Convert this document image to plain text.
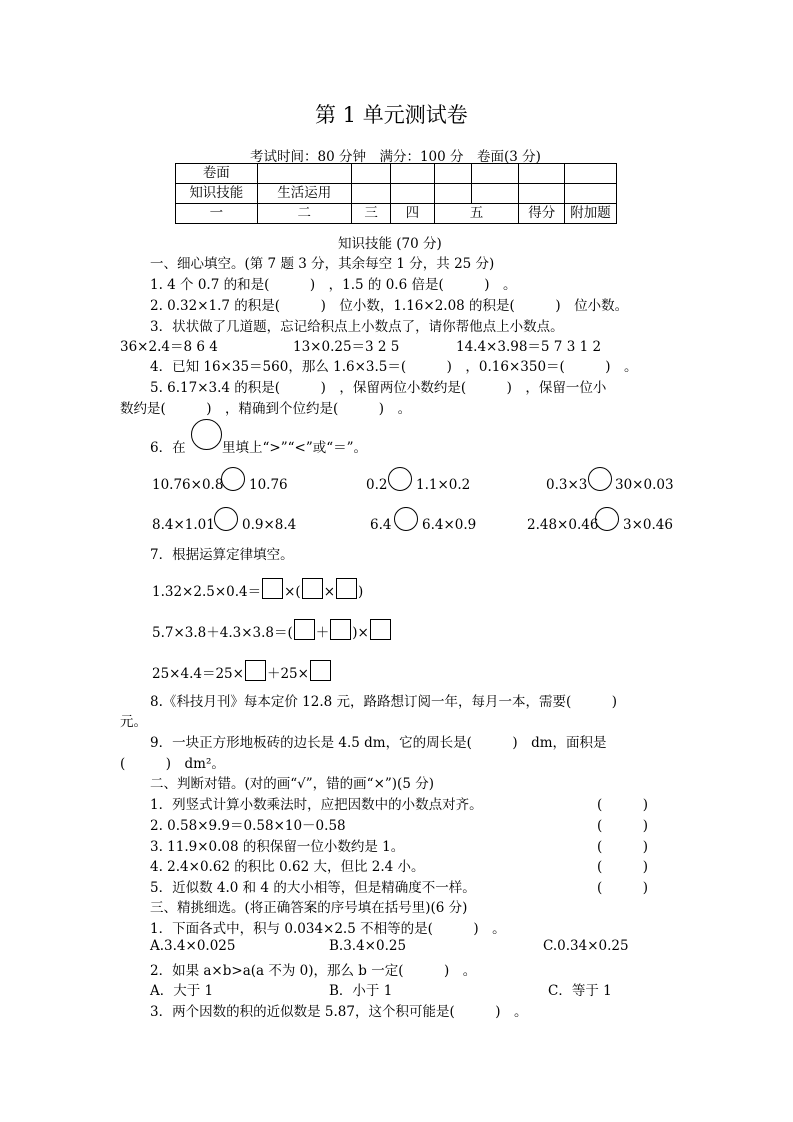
第 1 单元测试卷
考试时间：80 分钟　满分：100 分　卷面(3 分)
卷面							
知识技能	生活运用						
一	二	三	四	五		得分	附加题
知识技能 (70 分)
一、细心填空。(第 7 题 3 分，其余每空 1 分，共 25 分)
1. 4 个 0.7 的和是(　　　)　，1.5 的 0.6 倍是(　　　)　。
2. 0.32×1.7 的积是(　　　)　位小数，1.16×2.08 的积是(　　　)　位小数。
3．状状做了几道题，忘记给积点上小数点了，请你帮他点上小数点。
36×2.4＝8 6 4	13×0.25＝3 2 5	14.4×3.98＝5 7 3 1 2
4．已知 16×35＝560，那么 1.6×3.5＝(　　　)　，0.16×350＝(　　　)　。
5. 6.17×3.4 的积是(　　　)　，保留两位小数约是(　　　)　，保留一位小
数约是(　　　)　，精确到个位约是(　　　)　。
6．在	里填上“>”“<”或“＝”。
10.76×0.8 10.76	0.2 1.1×0.2	0.3×3 30×0.03
8.4×1.01 0.9×8.4	6.4 6.4×0.9	2.48×0.46 3×0.46
7．根据运算定律填空。
1.32×2.5×0.4＝ ×( × )
5.7×3.8＋4.3×3.8＝( ＋ )×
25×4.4＝25× ＋25×
8.《科技月刊》每本定价 12.8 元，路路想订阅一年，每月一本，需要(　　　)
元。
9．一块正方形地板砖的边长是 4.5 dm，它的周长是(　　　)　dm，面积是
(　　　)　dm²。
二、判断对错。(对的画“√”，错的画“×”)(5 分)
1．列竖式计算小数乘法时，应把因数中的小数点对齐。	(　　　)
2. 0.58×9.9＝0.58×10－0.58	(　　　)
3. 11.9×0.08 的积保留一位小数约是 1。	(　　　)
4. 2.4×0.62 的积比 0.62 大，但比 2.4 小。	(　　　)
5．近似数 4.0 和 4 的大小相等，但是精确度不一样。	(　　　)
三、精挑细选。(将正确答案的序号填在括号里)(6 分)
1．下面各式中，积与 0.034×2.5 不相等的是(　　　)　。
A.3.4×0.025	B.3.4×0.25	C.0.34×0.25
2．如果 a×b>a(a 不为 0)，那么 b 一定(　　　)　。
A．大于 1	B．小于 1	C．等于 1
3．两个因数的积的近似数是 5.87，这个积可能是(　　　)　。
